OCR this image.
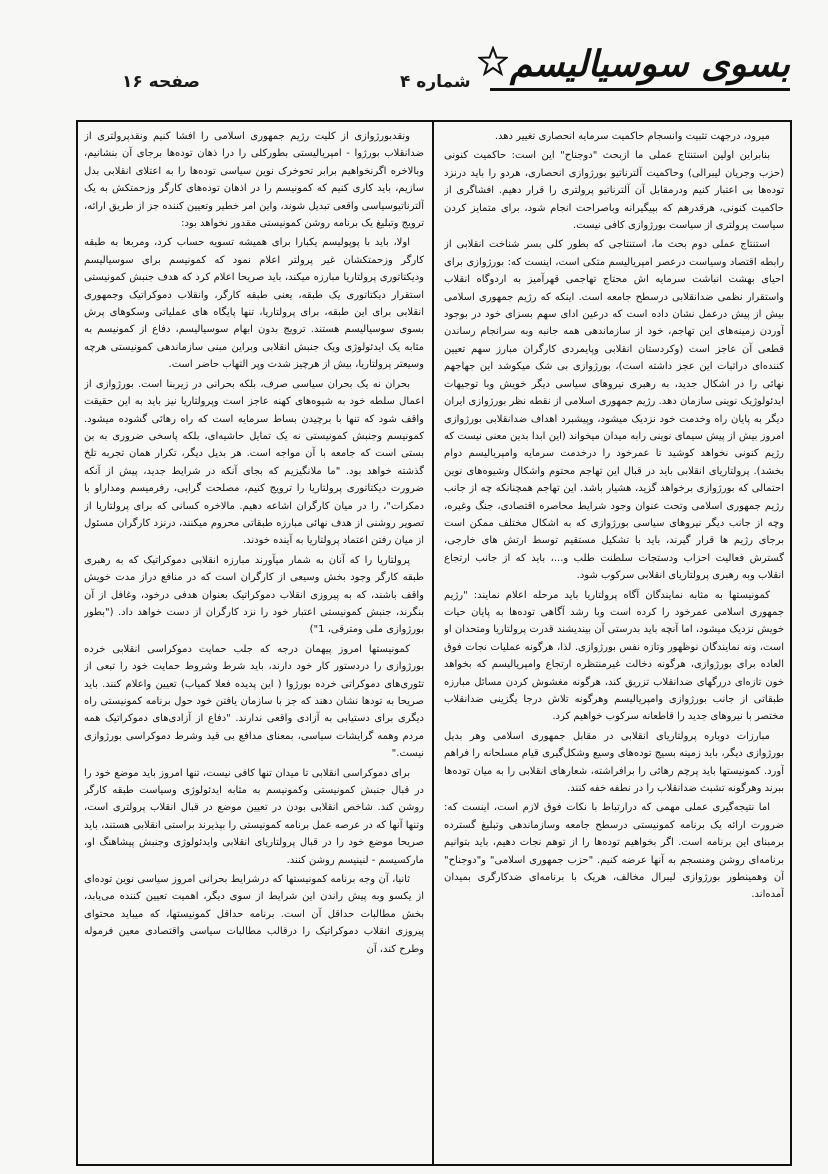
بسوی سوسیالیسم
شماره ۴
صفحه ۱۶

میرود، درجهت تثبیت وانسجام حاکمیت سرمایه انحصاری تغییر دهد.

بنابراین اولین استنتاج عملی ما ازبحث "دوجناح" این است: حاکمیت کنونی (حزب وجریان لیبرالی) وحاکمیت آلترناتیو بورژوازی انحصاری، هردو را باید درنزد توده‌ها بی اعتبار کنیم ودرمقابل آن آلترناتیو پرولتری را قرار دهیم. افشاگری از حاکمیت کنونی، هرقدرهم که بپیگیرانه وباصراحت انجام شود، برای متمایز کردن سیاست پرولتری از سیاست بورژوازی کافی نیست.

استنتاج عملی دوم بحث ما، استنتاجی که بطور کلی بسر شناخت انقلابی از رابطه اقتصاد وسیاست درعصر امپریالیسم متکی است، اینست که: بورژوازی برای احیای بهشت انباشت سرمایه اش محتاج تهاجمی قهرآمیز به اردوگاه انقلاب واستقرار نظمی ضدانقلابی درسطح جامعه است. اینکه که رژیم جمهوری اسلامی بیش از پیش درعمل نشان داده است که درعین ادای سهم بسزای خود در بوجود آوردن زمینه‌های این تهاجم، خود از سازماندهی همه جانبه وبه سرانجام رساندن قطعی آن عاجز است (وکردستان انقلابی وپایمردی کارگران مبارز سهم تعیین کننده‌ای دراثبات این عجز داشته است)، بورژوازی بی شک میکوشد این جهاجهم نهائی را در اشکال جدید، به رهبری نیروهای سیاسی دیگر خویش وبا توجیهات ایدئولوژیک نوینی سازمان دهد. رژیم جمهوری اسلامی از نقطه نظر بورژوازی ایران دیگر به پایان راه وخدمت خود نزدیک میشود، وپیشبرد اهداف ضدانقلابی بورژوازی امروز بیش از پیش سیمای نوینی رابه میدان میخواند (این ابدا بدین معنی نیست که رژیم کنونی نخواهد کوشید تا عمرخود را درخدمت سرمایه وامپریالیسم دوام بخشد). پرولتاریای انقلابی باید در قبال این تهاجم محتوم واشکال وشیوه‌های نوین احتمالی که بورژوازی برخواهد گزید، هشیار باشد. این تهاجم همچنانکه چه از جانب رژیم جمهوری اسلامی وتحت عنوان وجود شرایط محاصره اقتصادی، جنگ وغیره، وچه از جانب دیگر نیروهای سیاسی بورژوازی که به اشکال مختلف ممکن است برجای رژیم ها قرار گیرند، باید با تشکیل مستقیم توسط ارتش های خارجی، گسترش فعالیت احزاب ودستجات سلطنت طلب و...، باید که از جانب ارتجاع انقلاب وبه رهبری پرولتاریای انقلابی سرکوب شود.

کمونیستها به مثابه نمایندگان آگاه پرولتاریا باید مرحله اعلام نمایند: "رژیم جمهوری اسلامی عمرخود را کرده است وبا رشد آگاهی توده‌ها به پایان حیات خویش نزدیک میشود، اما آنچه باید بدرستی آن بیندیشند قدرت پرولتاریا ومتحدان او است، ونه نمایندگان نوظهور وتازه نفس بورژوازی. لذا، هرگونه عملیات نجات فوق العاده برای بورژوازی، هرگونه دخالت غیرمنتظره ارتجاع وامپریالیسم که بخواهد خون تازه‌ای دررگهای ضدانقلاب تزریق کند، هرگونه مغشوش کردن مسائل مبارزه طبقاتی از جانب بورژوازی وامپریالیسم وهرگونه تلاش درجا یگزینی ضدانقلاب مختصر با نیروهای جدید را قاطعانه سرکوب خواهیم کرد.

مبارزات دوباره پرولتاریای انقلابی در مقابل جمهوری اسلامی وهر بدیل بورژوازی دیگر، باید زمینه بسیج توده‌های وسیع وشکل‌گیری قیام مسلحانه را فراهم آورد. کمونیستها باید پرچم رهائی را برافراشته، شعارهای انقلابی را به میان توده‌ها ببرند وهرگونه تشبث ضدانقلاب را در نطفه خفه کنند.

اما نتیجه‌گیری عملی مهمی که درارتباط با نکات فوق لازم است، اینست که: ضرورت ارائه یک برنامه کمونیستی درسطح جامعه وسازماندهی وتبلیغ گسترده برمبنای این برنامه است. اگر بخواهیم توده‌ها را از توهم نجات دهیم، باید بتوانیم برنامه‌ای روشن ومنسجم به آنها عرضه کنیم. "حزب جمهوری اسلامی" و"دوجناح" آن وهمینطور بورژوازی لیبرال مخالف، هریک با برنامه‌ای ضدکارگری بمیدان آمده‌اند.

ونقدبورژوازی از کلیت رژیم جمهوری اسلامی را افشا کنیم ونقدپرولتری از ضدانقلاب بورژوا - امپریالیستی بطورکلی را درا ذهان توده‌ها برجای آن بنشانیم، وبالاخره اگرنخواهیم برابر تحوخرک نوین سیاسی توده‌ها را به اعتلای انقلابی بدل سازیم، باید کاری کنیم که کمونیسم را در اذهان توده‌های کارگر وزحمتکش به یک آلترناتیوسیاسی واقعی تبدیل شوند، واین امر خطیر وتعیین کننده جز از طریق ارائه، ترویج وتبلیغ یک برنامه روشن کمونیستی مقدور نخواهد بود:

اولا، باید با پوپولیسم یکبارا برای همیشه تسویه حساب کرد، ومربعا به طبقه کارگر وزحمتکشان غیر پرولتر اعلام نمود که کمونیسم برای سوسیالیسم ودیکتاتوری پرولتاریا مبارزه میکند، باید صریحا اعلام کرد که هدف جنبش کمونیستی استقرار دیکتاتوری یک طبقه، یعنی طبقه کارگر، وانقلاب دموکراتیک وجمهوری انقلابی برای این طبقه، برای پرولتاریا، تنها پایگاه های عملیاتی وسکوهای پرش بسوی سوسیالیسم هستند. ترویج بدون ابهام سوسیالیسم، دفاع از کمونیسم به مثابه یک ایدئولوژی ویک جنبش انقلابی وبراین مبنی سازماندهی کمونیستی هرچه وسیعتر پرولتاریا، بیش از هرچیز شدت وپر التهاب حاضر است.

بحران نه یک بحران سیاسی صرف، بلکه بحرانی در زیربنا است. بورژوازی از اعمال سلطه خود به شیوه‌های کهنه عاجز است وپرولتاریا نیز باید به این حقیقت واقف شود که تنها با برچیدن بساط سرمایه است که راه رهائی گشوده میشود. کمونیسم وجنبش کمونیستی نه یک تمایل حاشیه‌ای، بلکه پاسخی ضروری به بن بستی است که جامعه با آن مواجه است. هر بدیل دیگر، تکرار همان تجربه تلخ گذشته خواهد بود. "ما ملانگیزیم که بجای آنکه در شرایط جدید، پیش از آنکه ضرورت دیکتاتوری پرولتاریا را ترویج کنیم، مصلحت گرایی، رفرمیسم ومداراو با دمکرات"، را در میان کارگران اشاعه دهیم. مالاخره کسانی که برای پرولتاریا از تصویر روشنی از هدف نهائی مبارزه طبقاتی محروم میکنند، درنزد کارگران مسئول از میان رفتن اعتماد پرولتاریا به آینده خودند.

پرولتاریا را که آنان به شمار میآورند مبارزه انقلابی دموکراتیک که به رهبری طبقه کارگر وجود بخش وسیعی از کارگران است که در منافع دراز مدت خویش واقف باشند، که به پیروزی انقلاب دموکراتیک بعنوان هدفی درخود، وغافل از آن بنگرند، جنبش کمونیستی اعتبار خود را نزد کارگران از دست خواهد داد. ("بطور بورژوازی ملی ومترقی، 1")

کمونیستها امروز پیهمان درجه که جلب حمایت دموکراسی انقلابی خرده بورژوازی را دردستور کار خود دارند، باید شرط وشروط حمایت خود را تبعی از تئوری‌های دموکراتی خرده بورژوا ( این پدیده فعلا کمیاب) تعیین واعلام کنند. باید صریحا به تودها نشان دهند که جز با سازمان یافتن خود حول برنامه کمونیستی راه دیگری برای دستیابی به آزادی واقعی ندارند. "دفاع از آزادی‌های دموکراتیک همه مردم وهمه گرایشات سیاسی، بمعنای مدافع بی قید وشرط دموکراسی بورژوازی نیست."

برای دموکراسی انقلابی تا میدان تنها کافی نیست، تنها امروز باید موضع خود را در قبال جنبش کمونیستی وکمونیسم به مثابه ایدئولوژی وسیاست طبقه کارگر روشن کند. شاخص انقلابی بودن در تعیین موضع در قبال انقلاب پرولتری است، وتنها آنها که در عرصه عمل برنامه کمونیستی را بپذیرند براستی انقلابی هستند، باید صریحا موضع خود را در قبال پرولتاریای انقلابی وایدئولوژی وجنبش پیشاهنگ او، مارکسیسم - لنینیسم روشن کنند.

ثانیا، آن وجه برنامه کمونیستها که درشرایط بحرانی امروز سیاسی نوین توده‌ای از یکسو وبه پیش راندن این شرایط از سوی دیگر، اهمیت تعیین کننده می‌یابد، بخش مطالبات حداقل آن است. برنامه حداقل کمونیستها، که میباید محتوای پیروزی انقلاب دموکراتیک را درقالب مطالبات سیاسی واقتصادی معین فرموله وطرح کند، آن
